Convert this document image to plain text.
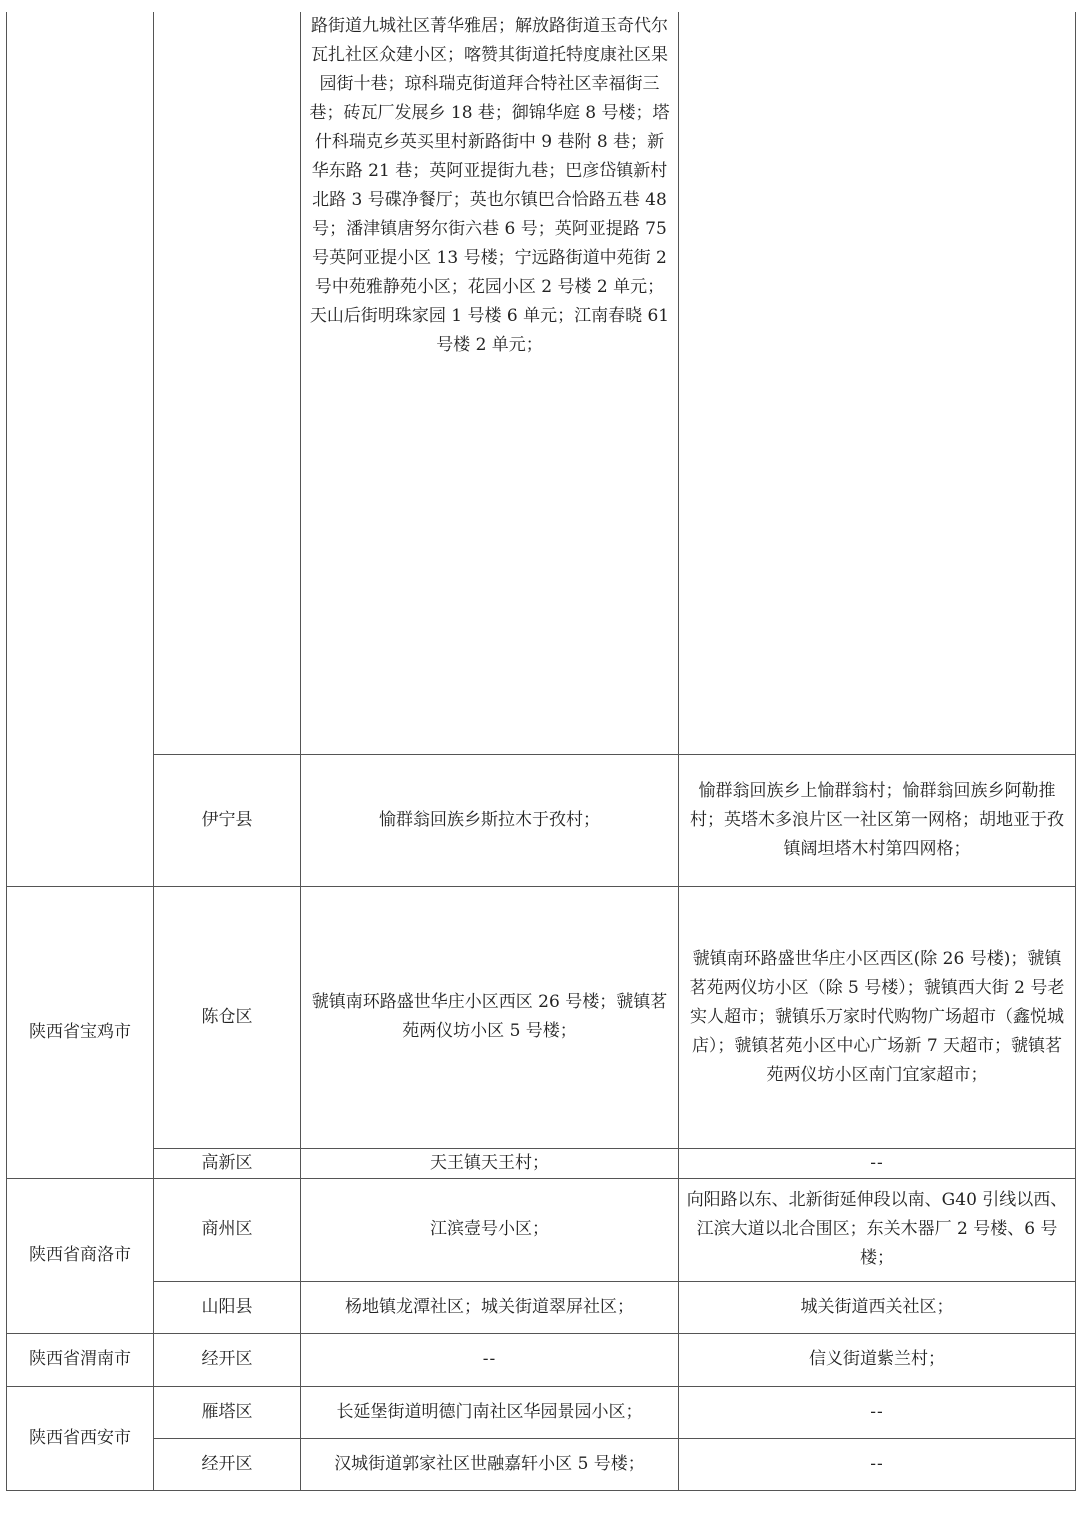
		路街道九城社区菁华雅居；解放路街道玉奇代尔瓦扎社区众建小区；喀赞其街道托特度康社区果园街十巷；琼科瑞克街道拜合特社区幸福街三巷；砖瓦厂发展乡 18 巷；御锦华庭 8 号楼；塔什科瑞克乡英买里村新路街中 9 巷附 8 巷；新华东路 21 巷；英阿亚提街九巷；巴彦岱镇新村北路 3 号碟净餐厅；英也尔镇巴合恰路五巷 48 号；潘津镇唐努尔街六巷 6 号；英阿亚提路 75 号英阿亚提小区 13 号楼；宁远路街道中苑街 2 号中苑雅静苑小区；花园小区 2 号楼 2 单元；天山后街明珠家园 1 号楼 6 单元；江南春晓 61 号楼 2 单元；	
	伊宁县	愉群翁回族乡斯拉木于孜村；	愉群翁回族乡上愉群翁村；愉群翁回族乡阿勒推村；英塔木多浪片区一社区第一网格；胡地亚于孜镇阔坦塔木村第四网格；
陕西省宝鸡市	陈仓区	虢镇南环路盛世华庄小区西区 26 号楼；虢镇茗苑两仪坊小区 5 号楼；	虢镇南环路盛世华庄小区西区(除 26 号楼)；虢镇茗苑两仪坊小区（除 5 号楼）；虢镇西大街 2 号老实人超市；虢镇乐万家时代购物广场超市（鑫悦城店）；虢镇茗苑小区中心广场新 7 天超市；虢镇茗苑两仪坊小区南门宜家超市；
	高新区	天王镇天王村；	--
陕西省商洛市	商州区	江滨壹号小区；	向阳路以东、北新街延伸段以南、G40 引线以西、江滨大道以北合围区；东关木器厂 2 号楼、6 号楼；
	山阳县	杨地镇龙潭社区；城关街道翠屏社区；	城关街道西关社区；
陕西省渭南市	经开区	--	信义街道紫兰村；
陕西省西安市	雁塔区	长延堡街道明德门南社区华园景园小区；	--
	经开区	汉城街道郭家社区世融嘉轩小区 5 号楼；	--
